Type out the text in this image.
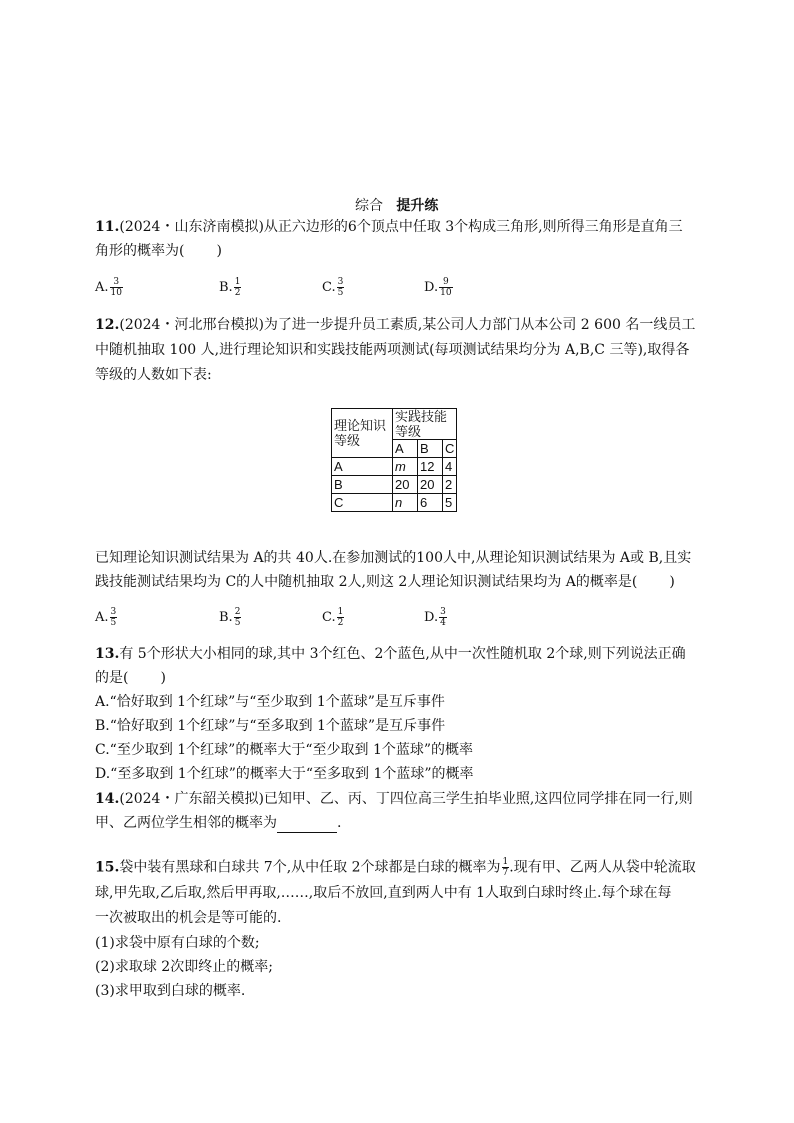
综合 提升练
11.(2024・山东济南模拟)从正六边形的6个顶点中任取 3个构成三角形,则所得三角形是直角三
角形的概率为( )
A. $\frac{3}{10}$	B. $\frac{1}{2}$	C. $\frac{3}{5}$	D. $\frac{9}{10}$
12.(2024・河北邢台模拟)为了进一步提升员工素质,某公司人力部门从本公司 2 600 名一线员工
中随机抽取 100 人,进行理论知识和实践技能两项测试(每项测试结果均分为 A,B,C 三等),取得各
等级的人数如下表:
理论知识
等级	实践技能
等级		
	A	B	C
A	m	12	4
B	20	20	2
C	n	6	5
已知理论知识测试结果为 A的共 40人.在参加测试的100人中,从理论知识测试结果为 A或 B,且实
践技能测试结果均为 C的人中随机抽取 2人,则这 2人理论知识测试结果均为 A的概率是( )
A. $\frac{3}{5}$	B. $\frac{2}{5}$	C. $\frac{1}{2}$	D. $\frac{3}{4}$
13.有 5个形状大小相同的球,其中 3个红色、2个蓝色,从中一次性随机取 2个球,则下列说法正确
的是( )
A.“恰好取到 1个红球”与“至少取到 1个蓝球”是互斥事件
B.“恰好取到 1个红球”与“至多取到 1个蓝球”是互斥事件
C.“至少取到 1个红球”的概率大于“至少取到 1个蓝球”的概率
D.“至多取到 1个红球”的概率大于“至多取到 1个蓝球”的概率
14.(2024・广东韶关模拟)已知甲、乙、丙、丁四位高三学生拍毕业照,这四位同学排在同一行,则
甲、乙两位学生相邻的概率为	.
15.袋中装有黑球和白球共 7个,从中任取 2个球都是白球的概率为 $\frac{1}{7}$ .现有甲、乙两人从袋中轮流取
球,甲先取,乙后取,然后甲再取,……,取后不放回,直到两人中有 1人取到白球时终止.每个球在每
一次被取出的机会是等可能的.
(1)求袋中原有白球的个数;
(2)求取球 2次即终止的概率;
(3)求甲取到白球的概率.
